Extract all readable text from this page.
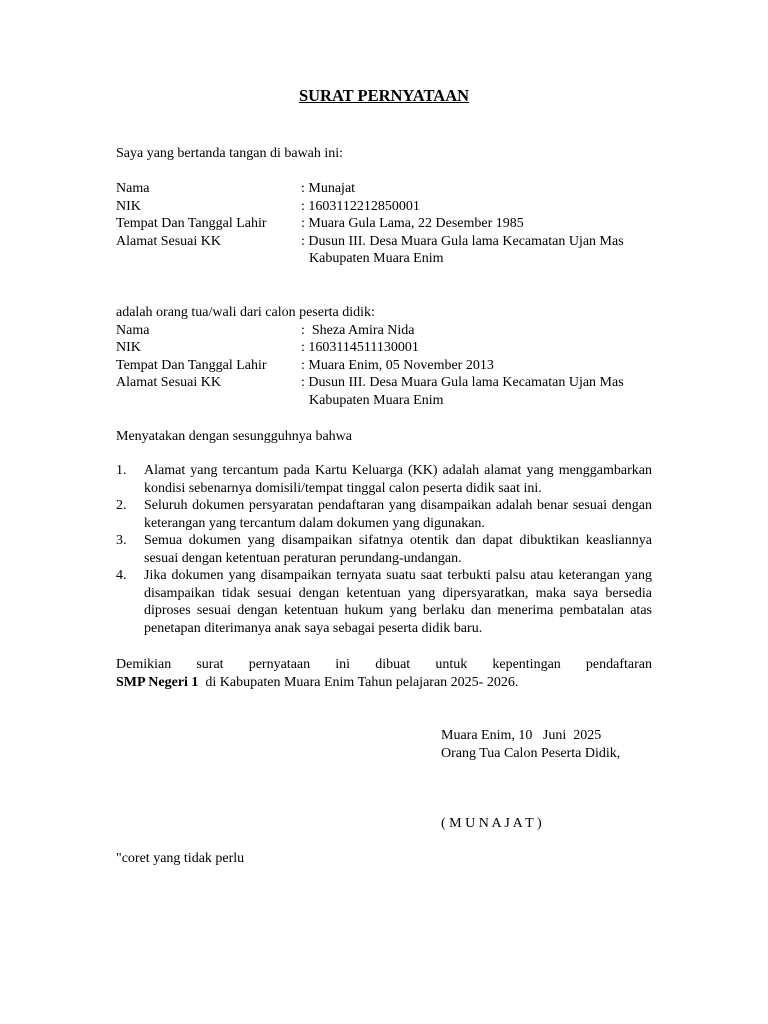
SURAT PERNYATAAN
Saya yang bertanda tangan di bawah ini:
Nama	: Munajat
NIK	: 1603112212850001
Tempat Dan Tanggal Lahir : Muara Gula Lama, 22 Desember 1985
Alamat Sesuai KK	: Dusun III. Desa Muara Gula lama Kecamatan Ujan Mas
Kabupaten Muara Enim
adalah orang tua/wali dari calon peserta didik:
Nama	:  Sheza Amira Nida
NIK	: 1603114511130001
Tempat Dan Tanggal Lahir : Muara Enim, 05 November 2013
Alamat Sesuai KK	: Dusun III. Desa Muara Gula lama Kecamatan Ujan Mas
Kabupaten Muara Enim
Menyatakan dengan sesungguhnya bahwa
1. Alamat yang tercantum pada Kartu Keluarga (KK) adalah alamat yang menggambarkan kondisi sebenarnya domisili/tempat tinggal calon peserta didik saat ini.
2. Seluruh dokumen persyaratan pendaftaran yang disampaikan adalah benar sesuai dengan keterangan yang tercantum dalam dokumen yang digunakan.
3. Semua dokumen yang disampaikan sifatnya otentik dan dapat dibuktikan keasliannya sesuai dengan ketentuan peraturan perundang-undangan.
4. Jika dokumen yang disampaikan ternyata suatu saat terbukti palsu atau keterangan yang disampaikan tidak sesuai dengan ketentuan yang dipersyaratkan, maka saya bersedia diproses sesuai dengan ketentuan hukum yang berlaku dan menerima pembatalan atas penetapan diterimanya anak saya sebagai peserta didik baru.
Demikian surat pernyataan ini dibuat untuk kepentingan pendaftaran
SMP Negeri 1  di Kabupaten Muara Enim Tahun pelajaran 2025- 2026.
Muara Enim, 10   Juni  2025
Orang Tua Calon Peserta Didik,
( M U N A J A T )
"coret yang tidak perlu
